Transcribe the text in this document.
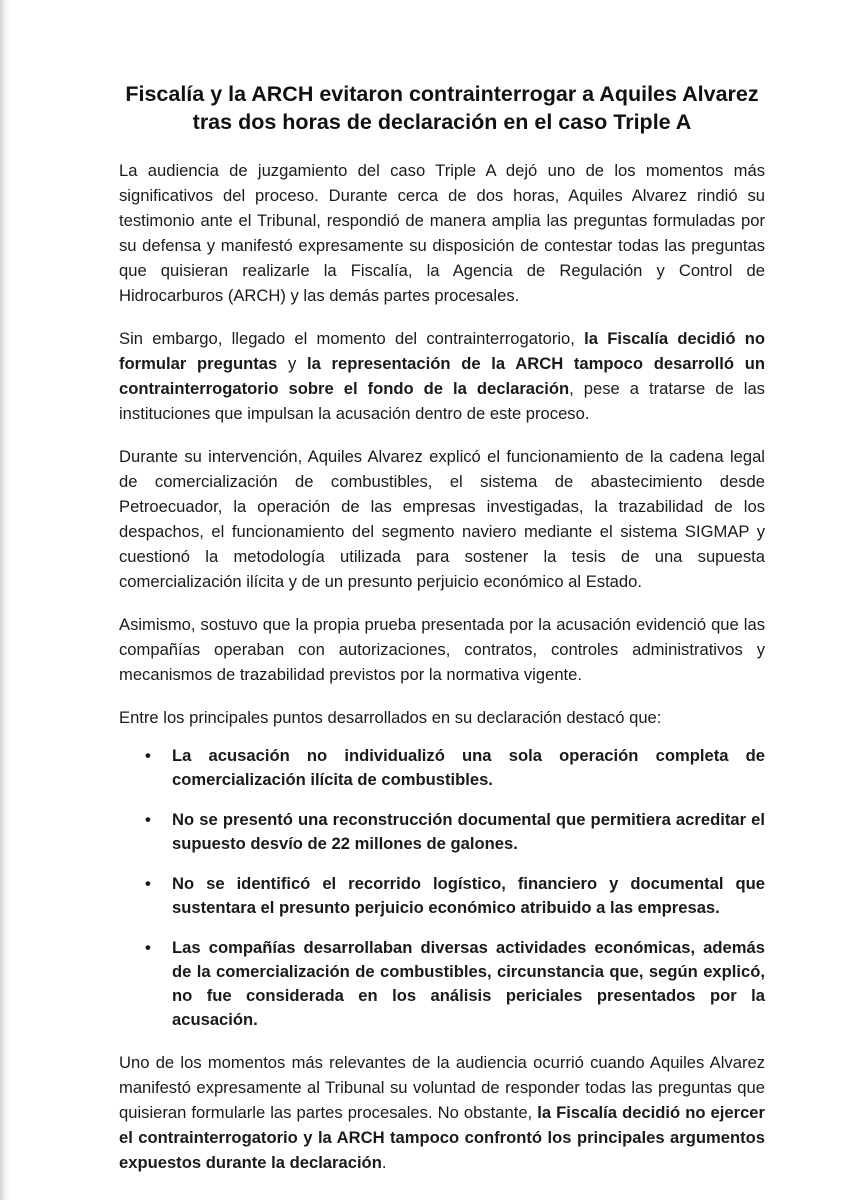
Fiscalía y la ARCH evitaron contrainterrogar a Aquiles Alvarez tras dos horas de declaración en el caso Triple A

La audiencia de juzgamiento del caso Triple A dejó uno de los momentos más significativos del proceso. Durante cerca de dos horas, Aquiles Alvarez rindió su testimonio ante el Tribunal, respondió de manera amplia las preguntas formuladas por su defensa y manifestó expresamente su disposición de contestar todas las preguntas que quisieran realizarle la Fiscalía, la Agencia de Regulación y Control de Hidrocarburos (ARCH) y las demás partes procesales.

Sin embargo, llegado el momento del contrainterrogatorio, la Fiscalía decidió no formular preguntas y la representación de la ARCH tampoco desarrolló un contrainterrogatorio sobre el fondo de la declaración, pese a tratarse de las instituciones que impulsan la acusación dentro de este proceso.

Durante su intervención, Aquiles Alvarez explicó el funcionamiento de la cadena legal de comercialización de combustibles, el sistema de abastecimiento desde Petroecuador, la operación de las empresas investigadas, la trazabilidad de los despachos, el funcionamiento del segmento naviero mediante el sistema SIGMAP y cuestionó la metodología utilizada para sostener la tesis de una supuesta comercialización ilícita y de un presunto perjuicio económico al Estado.

Asimismo, sostuvo que la propia prueba presentada por la acusación evidenció que las compañías operaban con autorizaciones, contratos, controles administrativos y mecanismos de trazabilidad previstos por la normativa vigente.

Entre los principales puntos desarrollados en su declaración destacó que:

• La acusación no individualizó una sola operación completa de comercialización ilícita de combustibles.
• No se presentó una reconstrucción documental que permitiera acreditar el supuesto desvío de 22 millones de galones.
• No se identificó el recorrido logístico, financiero y documental que sustentara el presunto perjuicio económico atribuido a las empresas.
• Las compañías desarrollaban diversas actividades económicas, además de la comercialización de combustibles, circunstancia que, según explicó, no fue considerada en los análisis periciales presentados por la acusación.

Uno de los momentos más relevantes de la audiencia ocurrió cuando Aquiles Alvarez manifestó expresamente al Tribunal su voluntad de responder todas las preguntas que quisieran formularle las partes procesales. No obstante, la Fiscalía decidió no ejercer el contrainterrogatorio y la ARCH tampoco confrontó los principales argumentos expuestos durante la declaración.
